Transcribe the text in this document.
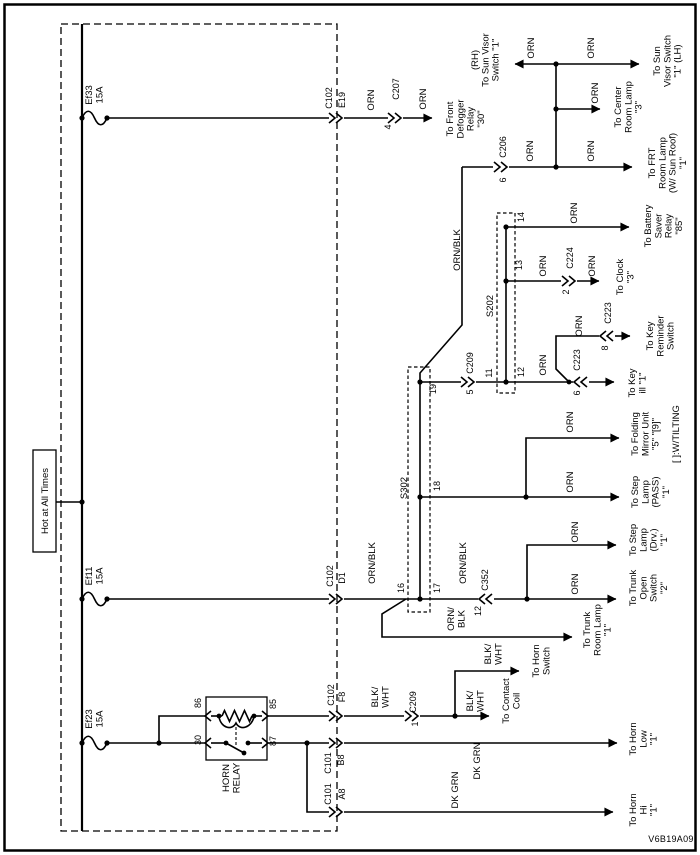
Hot at All Times
Ef3315A	C102 E19 ORN
C207
4
ORN
To FrontDefoggerRelay"30"
ORN/BLK
C206
6
ORN	ORN	To FRTRoom Lamp(W/ Sun Roof)"1"
ORN
(RH)To Sun VisorSwitch "1"	ORN	To SunVisor Switch"1" (LH)
ORN To CenterRoom Lamp"3"
S202
14	ORN	To BatterySaverRelay"85"
13 ORN C224
2
ORN To Clock"3"
12 ORN	C223
6	To Keyill "1"
ORN
C223
8	To KeyReminderSwitch
19
C209
5
11
Ef1115A	C102 D1 ORN/BLK
S302
16
18	ORN	To StepLamp(PASS)"1"
ORN	To FoldingMirror Unit"5" "[9]" [ ]:W/TILTING
17
ORN/BLK C352
12
ORN	To TrunkOpenSwitch"2"
ORN	To StepLamp(Drv.)"1"
ORN/BLK	To TrunkRoom Lamp"1"
Ef2315A
86	85
30	87
HORNRELAY
C102 F8 BLK/WHT C209
1
BLK/WHT To ContactCoil
BLK/WHT	To HornSwitch
C101 B8	DK GRN
To HornLow"1"
C101 A8	DK GRN
To HornHi"1"
V6B19A09
